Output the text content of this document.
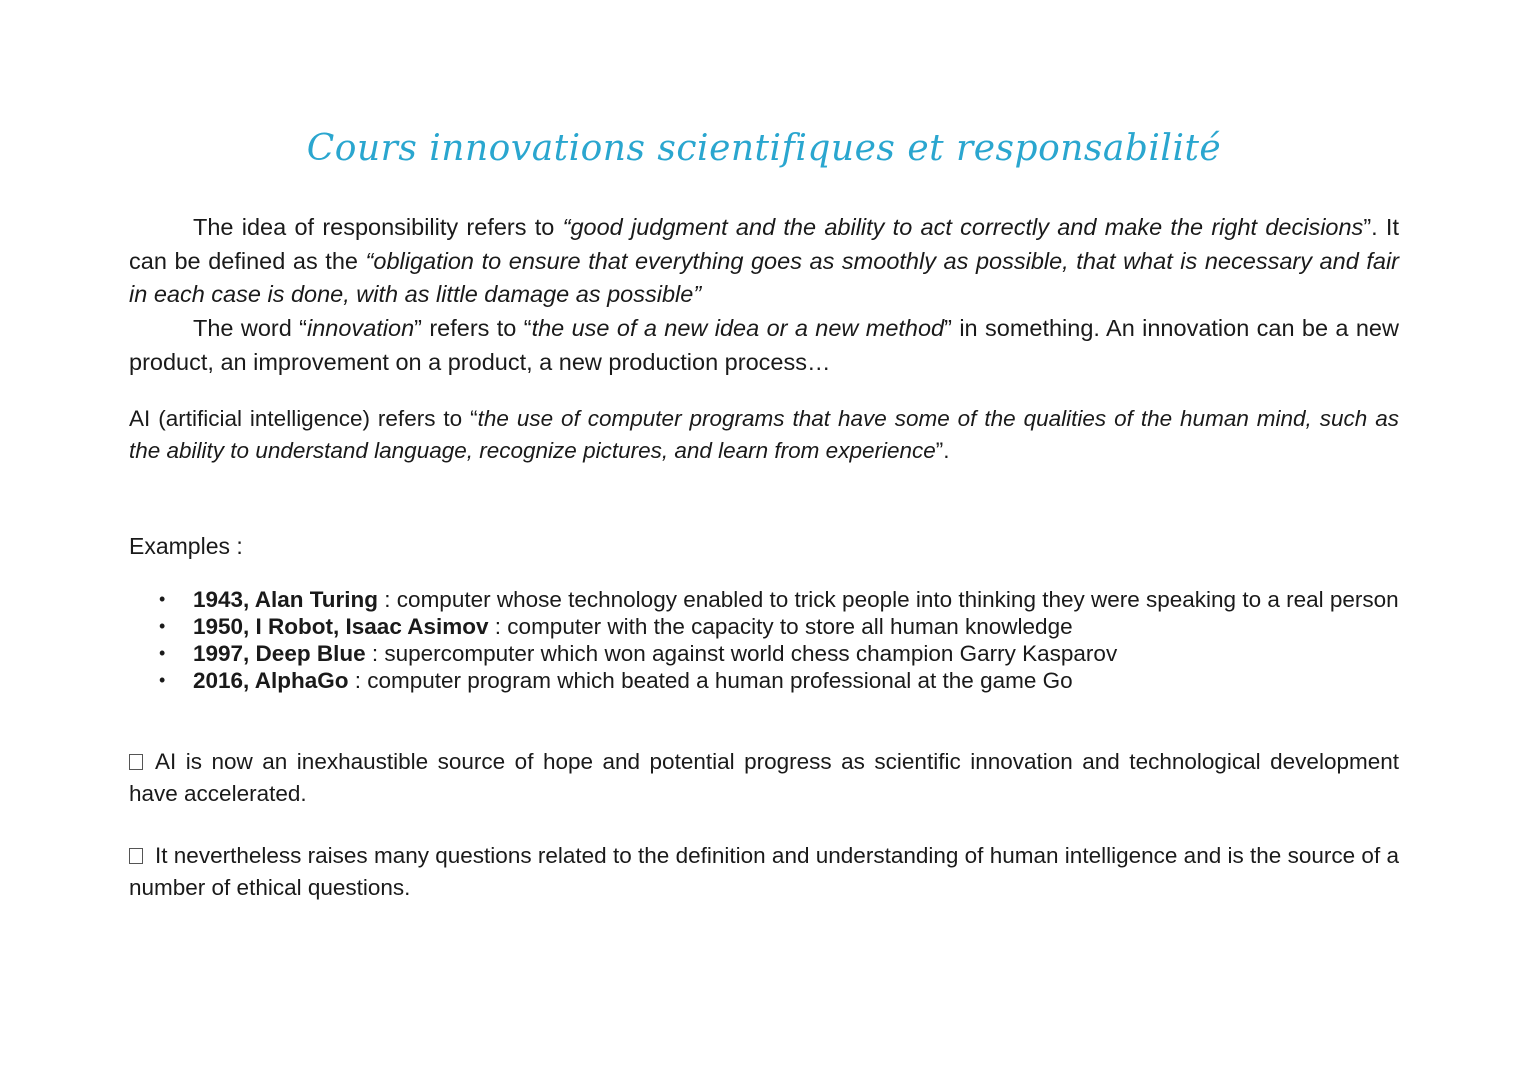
Cours innovations scientifiques et responsabilité
The idea of responsibility refers to “good judgment and the ability to act correctly and make the right decisions”. It can be defined as the “obligation to ensure that everything goes as smoothly as possible, that what is necessary and fair in each case is done, with as little damage as possible”
The word “innovation” refers to “the use of a new idea or a new method” in something. An innovation can be a new product, an improvement on a product, a new production process…
AI (artificial intelligence) refers to “the use of computer programs that have some of the qualities of the human mind, such as the ability to understand language, recognize pictures, and learn from experience”.
Examples :
• 1943, Alan Turing : computer whose technology enabled to trick people into thinking they were speaking to a real person
• 1950, I Robot, Isaac Asimov : computer with the capacity to store all human knowledge
• 1997, Deep Blue : supercomputer which won against world chess champion Garry Kasparov
• 2016, AlphaGo : computer program which beated a human professional at the game Go
AI is now an inexhaustible source of hope and potential progress as scientific innovation and technological development have accelerated.
It nevertheless raises many questions related to the definition and understanding of human intelligence and is the source of a number of ethical questions.
